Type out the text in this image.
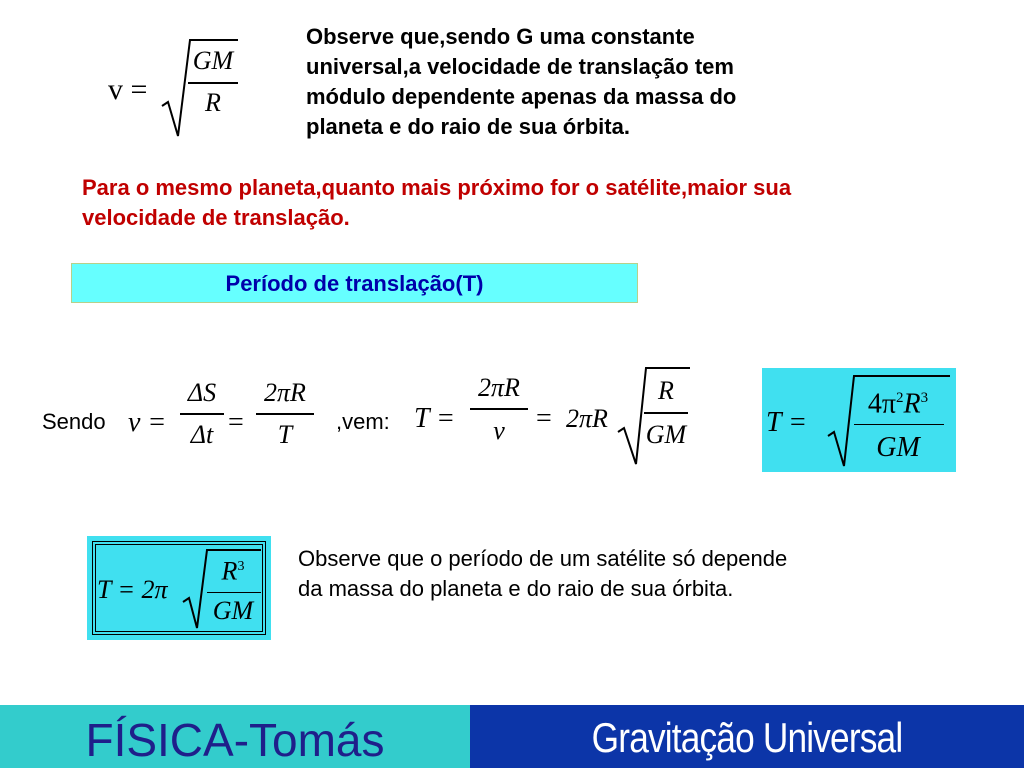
v =
GM
R
Observe que,sendo G uma constante
universal,a velocidade de translação tem
módulo dependente apenas da massa do
planeta e do raio de sua órbita.
Para o mesmo planeta,quanto mais próximo for o satélite,maior sua
velocidade de translação.
Período de translação(T)
Sendo v =
ΔS
Δt =
2πR
T	,vem: T =
2πR
v	= 2πR
R
GM	T =
$4\pi^2R^3$
GM
T = 2π
$R^3$
GM
Observe que o período de um satélite só depende
da massa do planeta e do raio de sua órbita.
FÍSICA-Tomás	Gravitação Universal
